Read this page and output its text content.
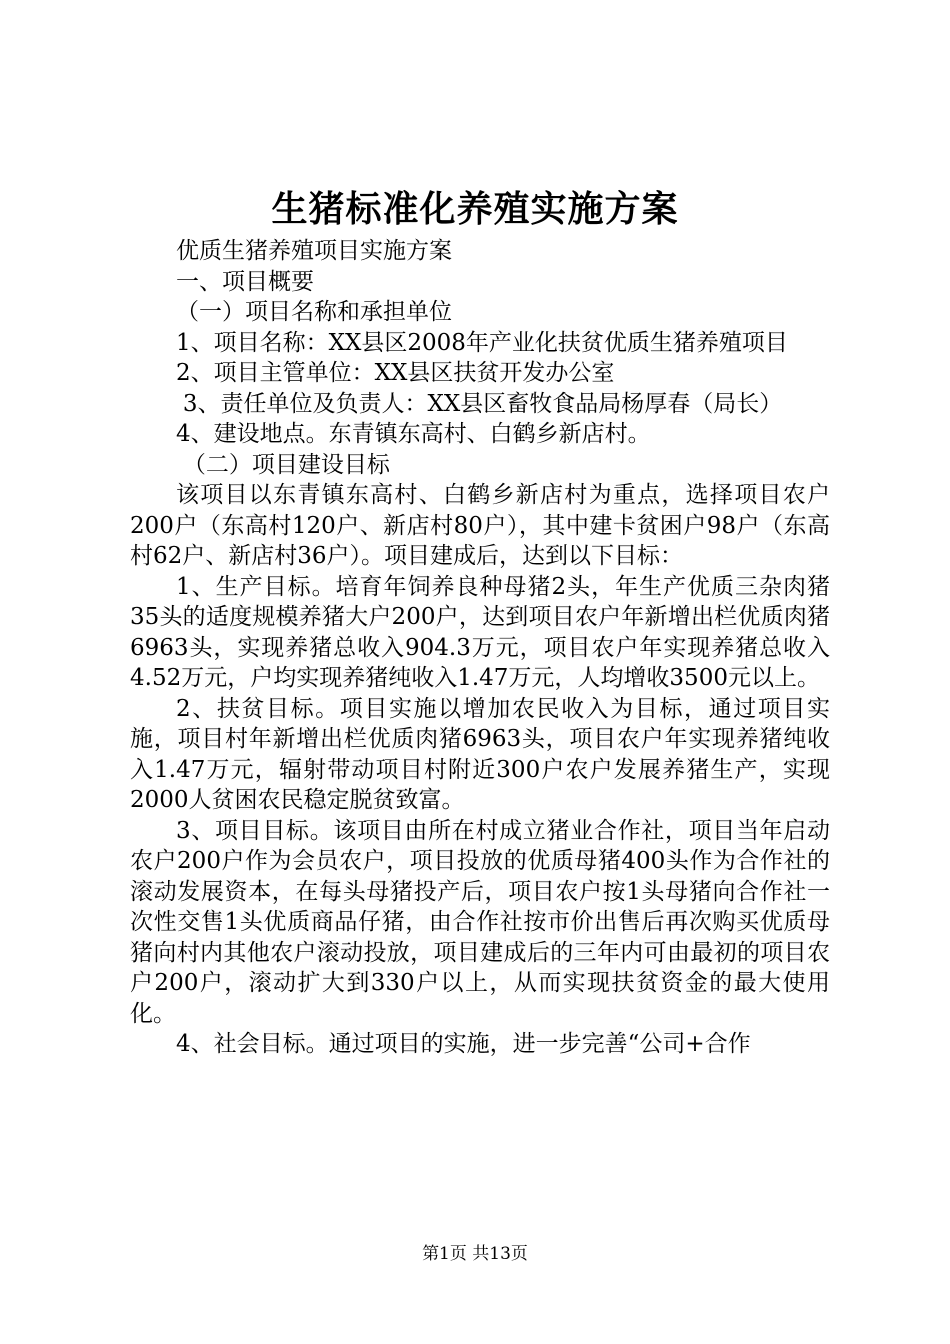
生猪标准化养殖实施方案

优质生猪养殖项目实施方案

一、项目概要

（一）项目名称和承担单位

1、项目名称：XX县区2008年产业化扶贫优质生猪养殖项目

2、项目主管单位：XX县区扶贫开发办公室

3、责任单位及负责人：XX县区畜牧食品局杨厚春（局长）

4、建设地点。东青镇东高村、白鹤乡新店村。

（二）项目建设目标

该项目以东青镇东高村、白鹤乡新店村为重点，选择项目农户200户（东高村120户、新店村80户），其中建卡贫困户98户（东高村62户、新店村36户）。项目建成后，达到以下目标：

1、生产目标。培育年饲养良种母猪2头，年生产优质三杂肉猪35头的适度规模养猪大户200户，达到项目农户年新增出栏优质肉猪6963头，实现养猪总收入904.3万元，项目农户年实现养猪总收入4.52万元，户均实现养猪纯收入1.47万元，人均增收3500元以上。

2、扶贫目标。项目实施以增加农民收入为目标，通过项目实施，项目村年新增出栏优质肉猪6963头，项目农户年实现养猪纯收入1.47万元，辐射带动项目村附近300户农户发展养猪生产，实现2000人贫困农民稳定脱贫致富。

3、项目目标。该项目由所在村成立猪业合作社，项目当年启动农户200户作为会员农户，项目投放的优质母猪400头作为合作社的滚动发展资本，在每头母猪投产后，项目农户按1头母猪向合作社一次性交售1头优质商品仔猪，由合作社按市价出售后再次购买优质母猪向村内其他农户滚动投放，项目建成后的三年内可由最初的项目农户200户，滚动扩大到330户以上，从而实现扶贫资金的最大使用化。

4、社会目标。通过项目的实施，进一步完善“公司+合作

第1页 共13页
